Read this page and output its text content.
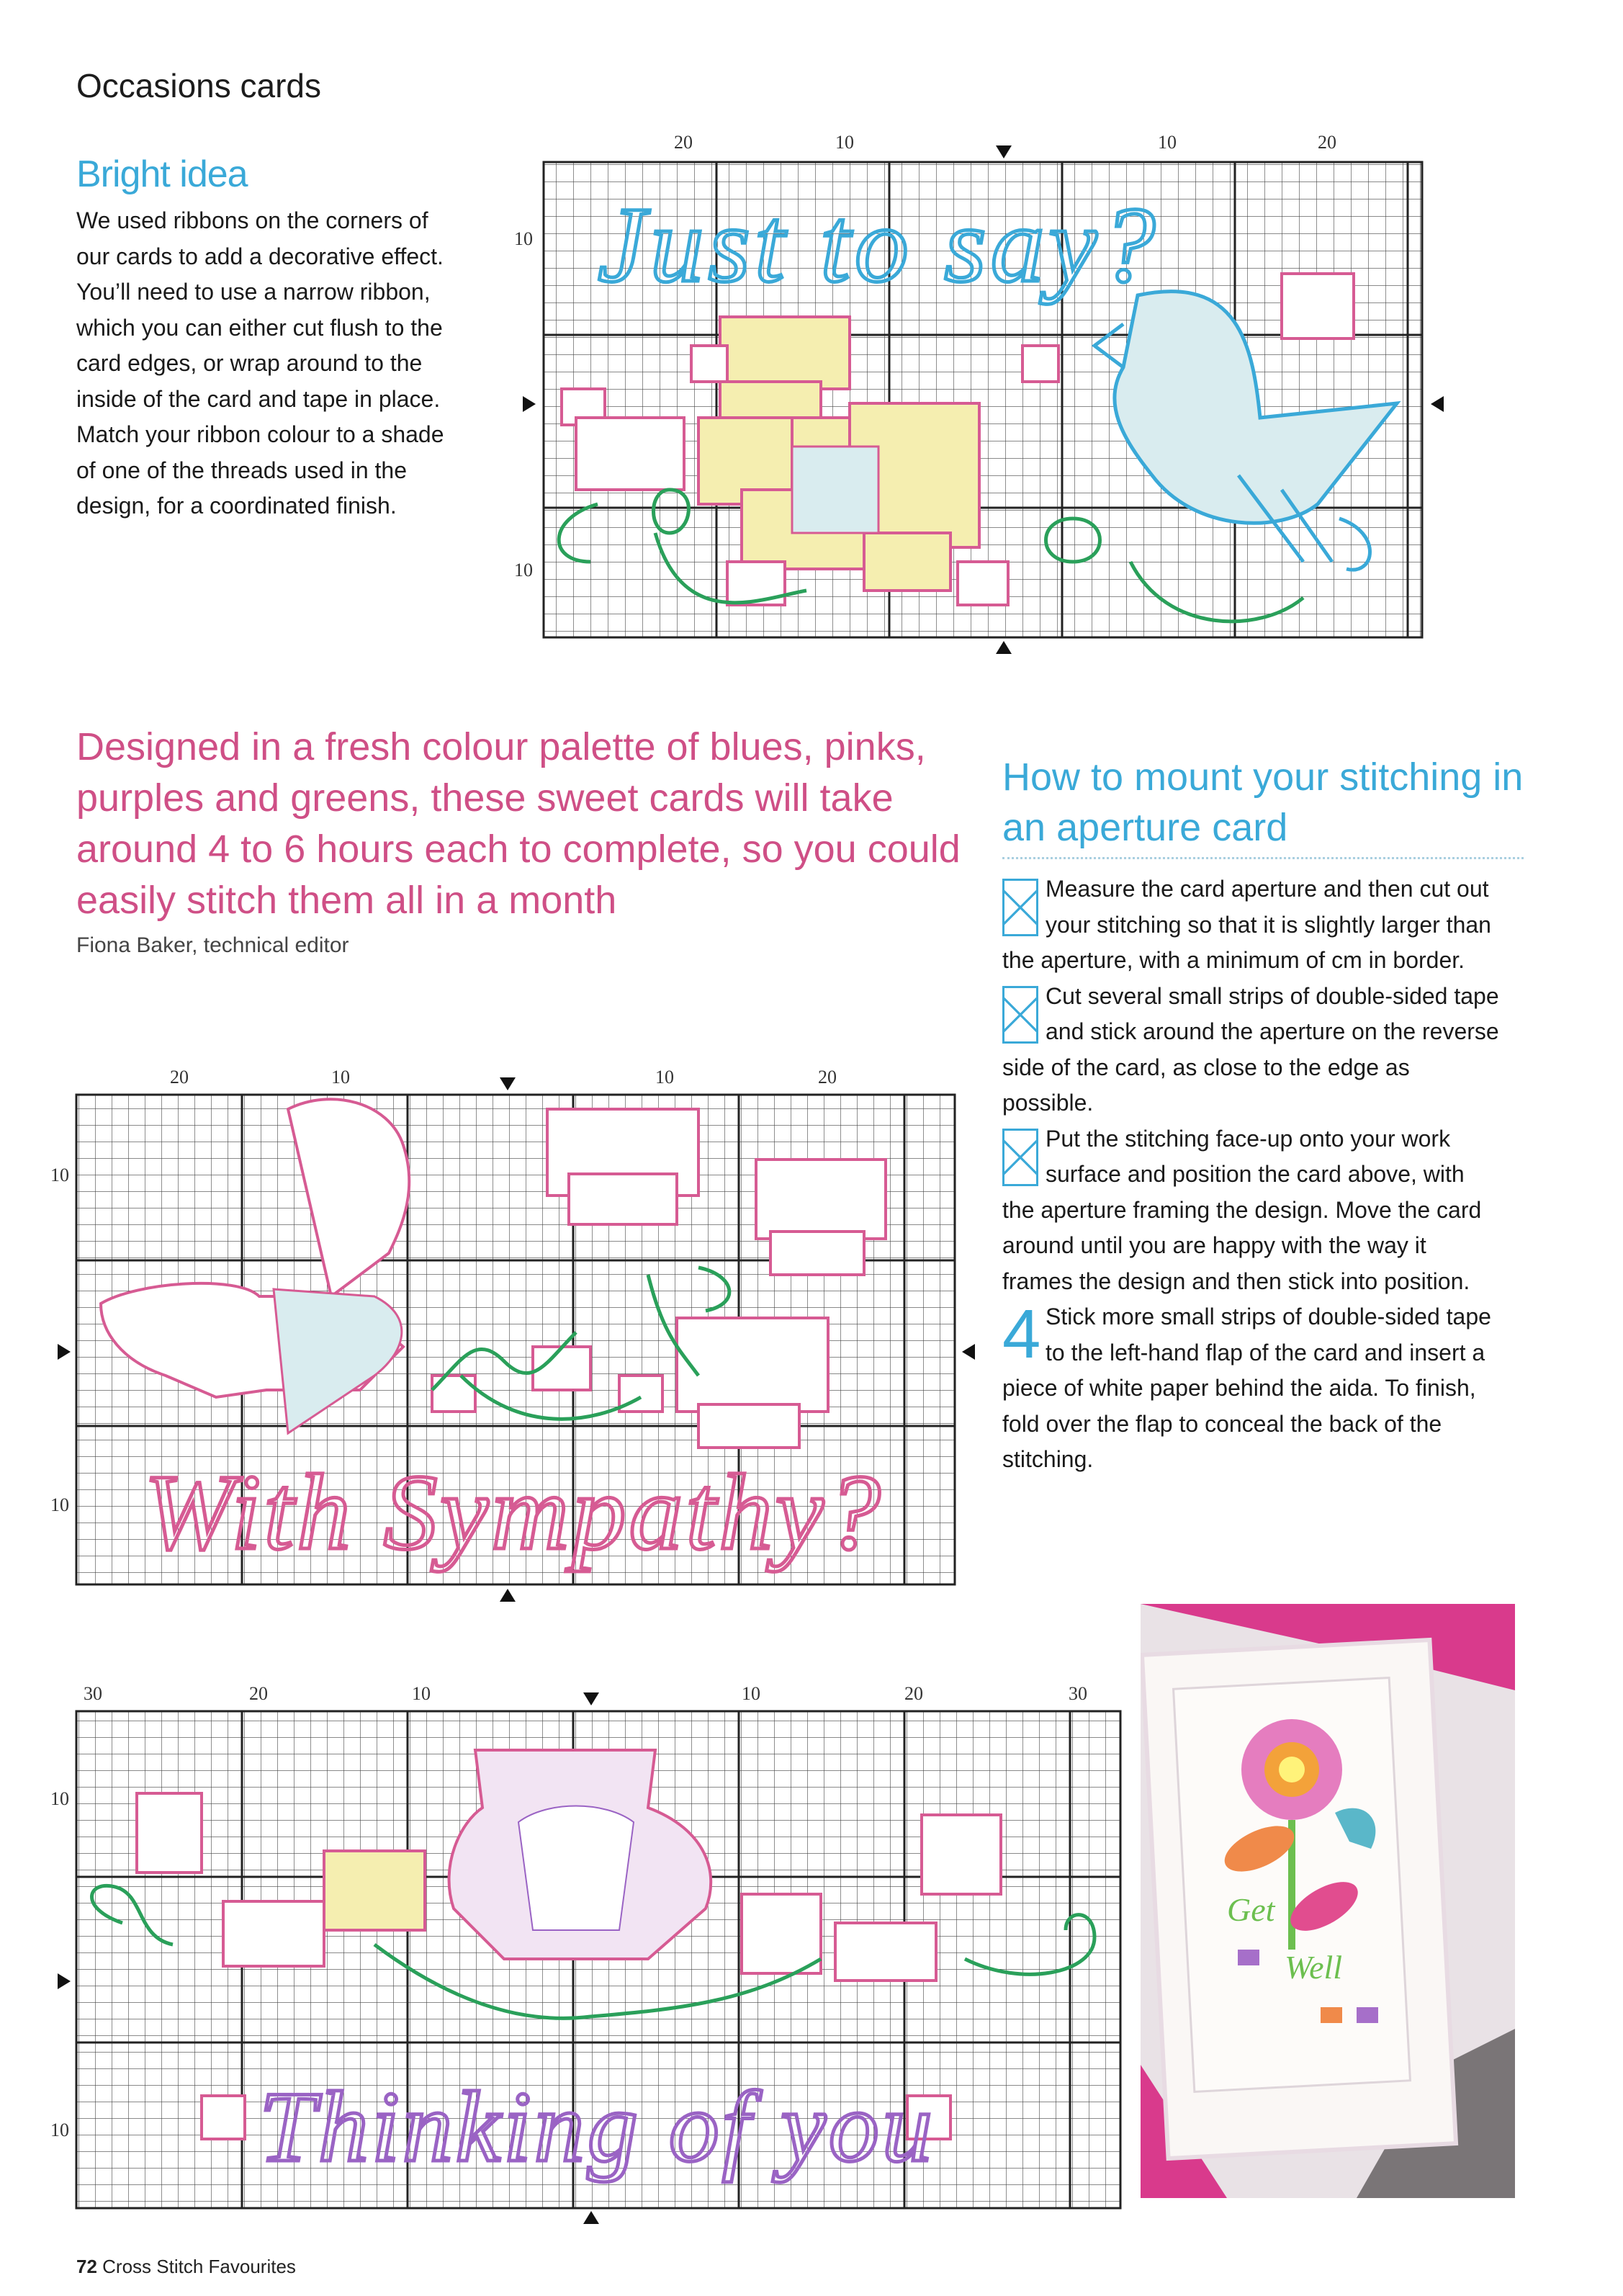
Occasions cards
Bright idea
We used ribbons on the corners of our cards to add a decorative effect. You’ll need to use a narrow ribbon, which you can either cut flush to the card edges, or wrap around to the inside of the card and tape in place. Match your ribbon colour to a shade of one of the threads used in the design, for a coordinated finish.
20	10	10	20
10
10
Just to say?
Designed in a fresh colour palette of blues, pinks, purples and greens, these sweet cards will take around 4 to 6 hours each to complete, so you could easily stitch them all in a month
Fiona Baker, technical editor
How to mount your stitching in an aperture card

Measure the card aperture and then cut out your stitching so that it is slightly larger than the aperture, with a minimum of cm in border.

Cut several small strips of double-sided tape and stick around the aperture on the reverse side of the card, as close to the edge as possible.

Put the stitching face-up onto your work surface and position the card above, with the aperture framing the design. Move the card around until you are happy with the way it frames the design and then stick into position.

4 Stick more small strips of double-sided tape to the left-hand flap of the card and insert a piece of white paper behind the aida. To finish, fold over the flap to conceal the back of the stitching.

20	10	10	20
10
10 With Sympathy?
30	20	10	10	20	30
10
10 Thinking of you
Get
Well
72 Cross Stitch Favourites
